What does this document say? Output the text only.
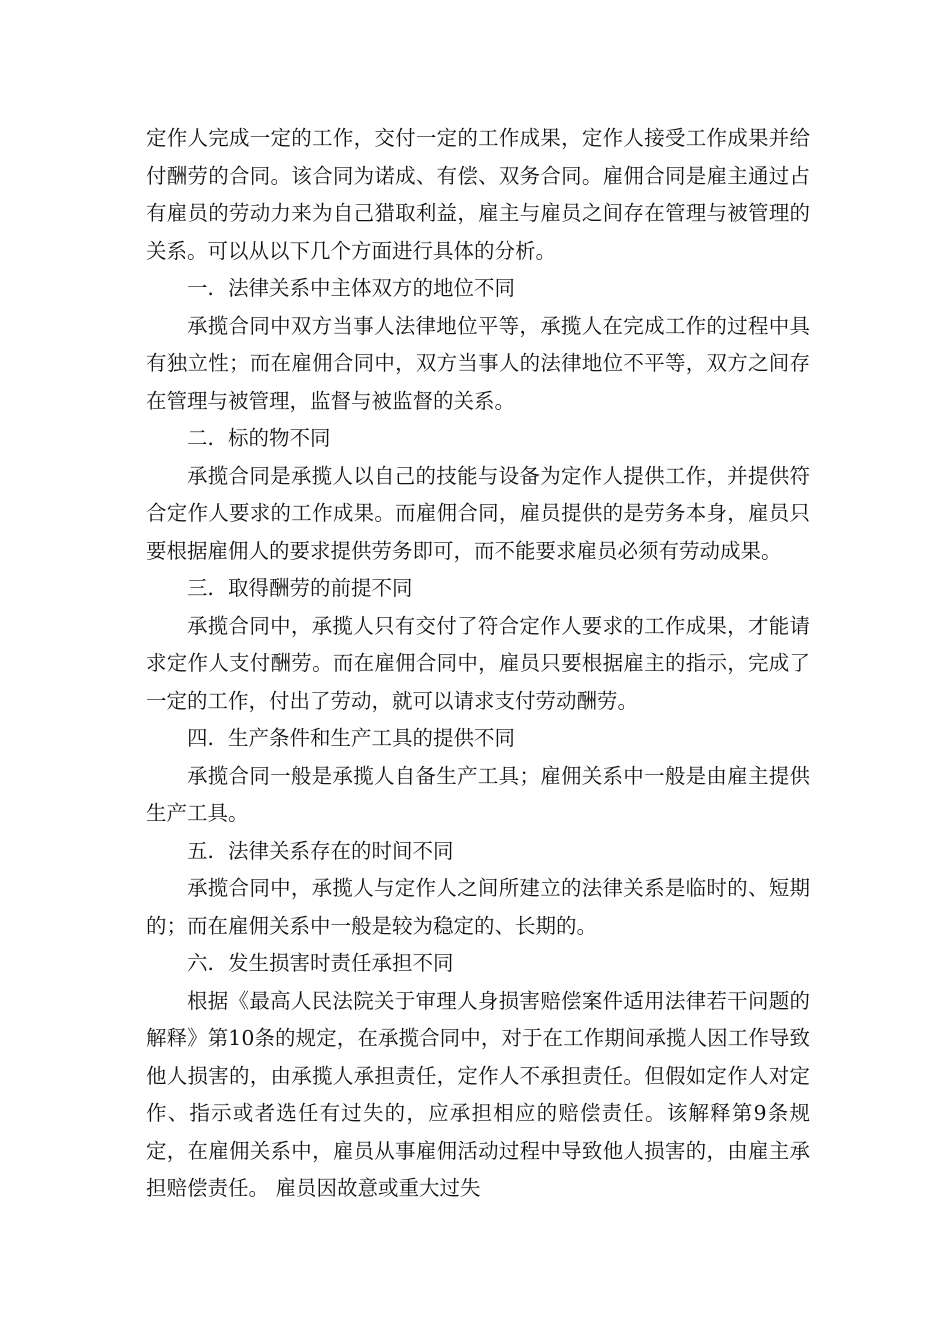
定作人完成一定的工作，交付一定的工作成果，定作人接受工作成果并给付酬劳的合同。该合同为诺成、有偿、双务合同。雇佣合同是雇主通过占有雇员的劳动力来为自己猎取利益，雇主与雇员之间存在管理与被管理的关系。可以从以下几个方面进行具体的分析。

一．法律关系中主体双方的地位不同

承揽合同中双方当事人法律地位平等，承揽人在完成工作的过程中具有独立性；而在雇佣合同中，双方当事人的法律地位不平等，双方之间存在管理与被管理，监督与被监督的关系。

二．标的物不同

承揽合同是承揽人以自己的技能与设备为定作人提供工作，并提供符合定作人要求的工作成果。而雇佣合同，雇员提供的是劳务本身，雇员只要根据雇佣人的要求提供劳务即可，而不能要求雇员必须有劳动成果。

三．取得酬劳的前提不同

承揽合同中，承揽人只有交付了符合定作人要求的工作成果，才能请求定作人支付酬劳。而在雇佣合同中，雇员只要根据雇主的指示，完成了一定的工作，付出了劳动，就可以请求支付劳动酬劳。

四．生产条件和生产工具的提供不同

承揽合同一般是承揽人自备生产工具；雇佣关系中一般是由雇主提供生产工具。

五．法律关系存在的时间不同

承揽合同中，承揽人与定作人之间所建立的法律关系是临时的、短期的；而在雇佣关系中一般是较为稳定的、长期的。

六．发生损害时责任承担不同

根据《最高人民法院关于审理人身损害赔偿案件适用法律若干问题的解释》第10条的规定，在承揽合同中，对于在工作期间承揽人因工作导致他人损害的，由承揽人承担责任，定作人不承担责任。但假如定作人对定作、指示或者选任有过失的，应承担相应的赔偿责任。该解释第9条规定，在雇佣关系中，雇员从事雇佣活动过程中导致他人损害的，由雇主承担赔偿责任。 雇员因故意或重大过失
